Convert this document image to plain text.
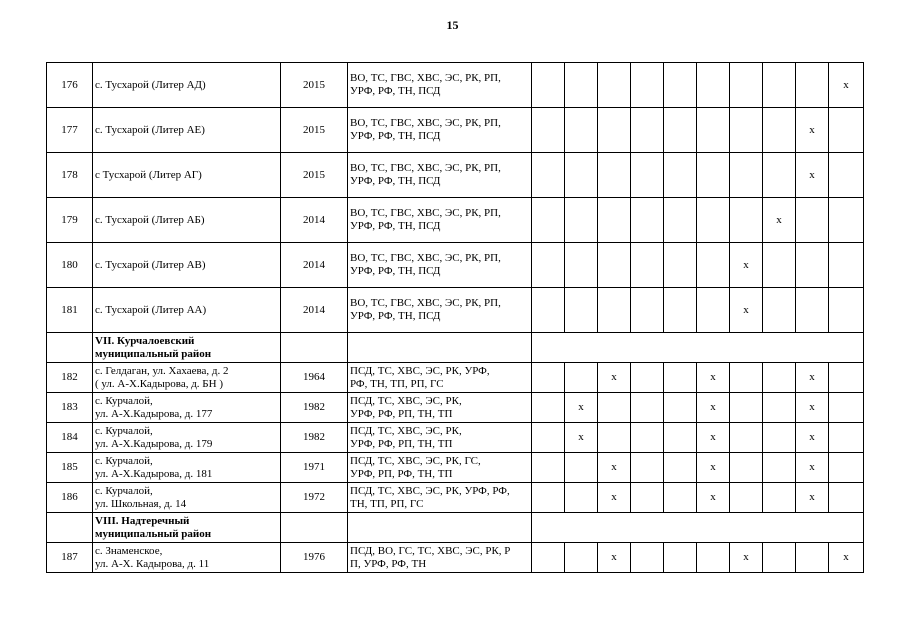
15
176	с. Тусхарой (Литер АД)	2015	ВО, ТС, ГВС, ХВС, ЭС, РК, РП,
УРФ, РФ, ТН, ПСД										х
177	с. Тусхарой (Литер АЕ)	2015	ВО, ТС, ГВС, ХВС, ЭС, РК, РП,
УРФ, РФ, ТН, ПСД									х	
178	с Тусхарой (Литер АГ)	2015	ВО, ТС, ГВС, ХВС, ЭС, РК, РП,
УРФ, РФ, ТН, ПСД									х	
179	с. Тусхарой (Литер АБ)	2014	ВО, ТС, ГВС, ХВС, ЭС, РК, РП,
УРФ, РФ, ТН, ПСД								х		
180	с. Тусхарой (Литер АВ)	2014	ВО, ТС, ГВС, ХВС, ЭС, РК, РП,
УРФ, РФ, ТН, ПСД							х			
181	с. Тусхарой (Литер АА)	2014	ВО, ТС, ГВС, ХВС, ЭС, РК, РП,
УРФ, РФ, ТН, ПСД							х			
	VII. Курчалоевский
муниципальный район												
182	с. Гелдаган, ул. Хахаева, д. 2
( ул. А-Х.Кадырова, д. БН )	1964	ПСД, ТС, ХВС, ЭС, РК, УРФ,
РФ, ТН, ТП, РП, ГС			х			х			х	
183	с. Курчалой,
ул. А-Х.Кадырова, д. 177	1982	ПСД, ТС, ХВС, ЭС, РК,
УРФ, РФ, РП, ТН, ТП		х				х			х	
184	с. Курчалой,
ул. А-Х.Кадырова, д. 179	1982	ПСД, ТС, ХВС, ЭС, РК,
УРФ, РФ, РП, ТН, ТП		х				х			х	
185	с. Курчалой,
ул. А-Х.Кадырова, д. 181	1971	ПСД, ТС, ХВС, ЭС, РК, ГС,
УРФ, РП, РФ, ТН, ТП			х			х			х	
186	с. Курчалой,
ул. Школьная, д. 14	1972	ПСД, ТС, ХВС, ЭС, РК, УРФ, РФ,
ТН, ТП, РП, ГС			х			х			х	
	VIII. Надтеречный
муниципальный район												
187	с. Знаменское,
ул. А-Х. Кадырова, д. 11	1976	ПСД, ВО, ГС, ТС, ХВС, ЭС, РК, Р
П, УРФ, РФ, ТН			х				х			х
